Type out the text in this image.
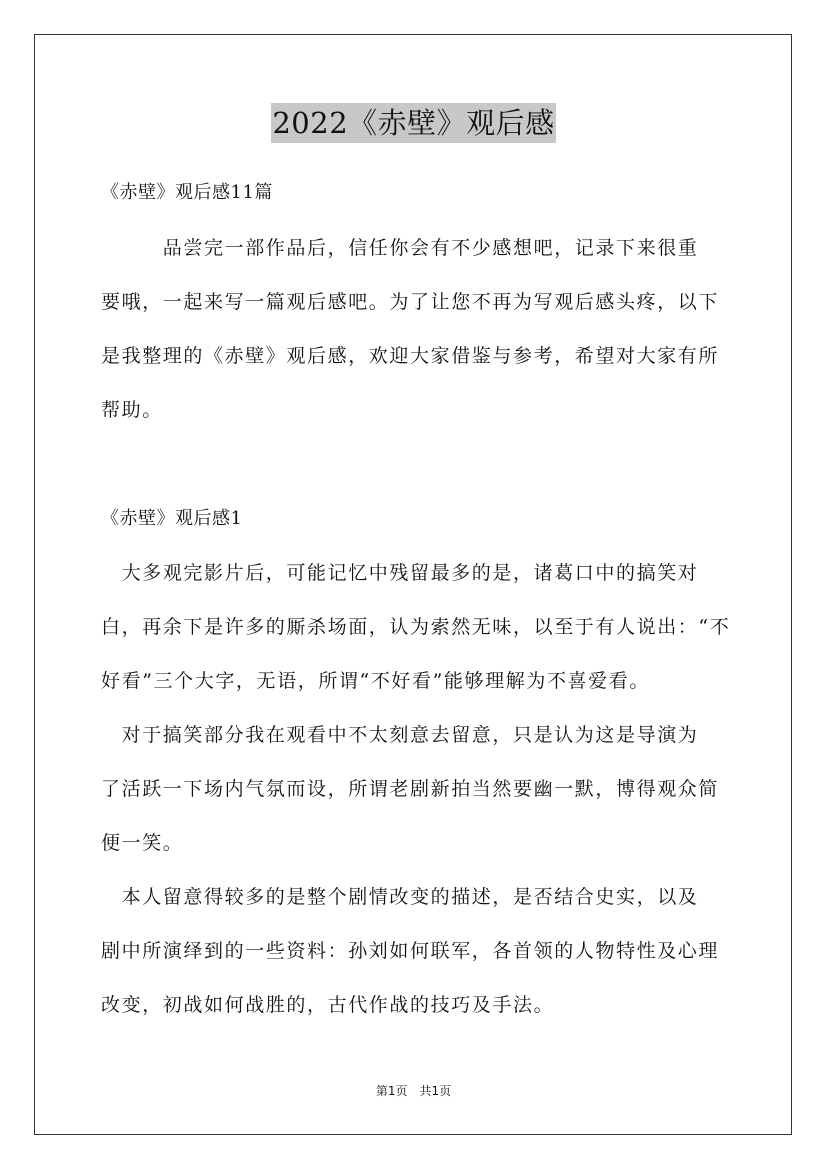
2022《赤壁》观后感
《赤壁》观后感11篇
　　　品尝完一部作品后，信任你会有不少感想吧，记录下来很重
要哦，一起来写一篇观后感吧。为了让您不再为写观后感头疼，以下
是我整理的《赤壁》观后感，欢迎大家借鉴与参考，希望对大家有所
帮助。
《赤壁》观后感1
　大多观完影片后，可能记忆中残留最多的是，诸葛口中的搞笑对
白，再余下是许多的厮杀场面，认为索然无味，以至于有人说出：“不
好看”三个大字，无语，所谓“不好看”能够理解为不喜爱看。
　对于搞笑部分我在观看中不太刻意去留意，只是认为这是导演为
了活跃一下场内气氛而设，所谓老剧新拍当然要幽一默，博得观众简
便一笑。
　本人留意得较多的是整个剧情改变的描述，是否结合史实，以及
剧中所演绎到的一些资料：孙刘如何联军，各首领的人物特性及心理
改变，初战如何战胜的，古代作战的技巧及手法。
第1页　共1页
